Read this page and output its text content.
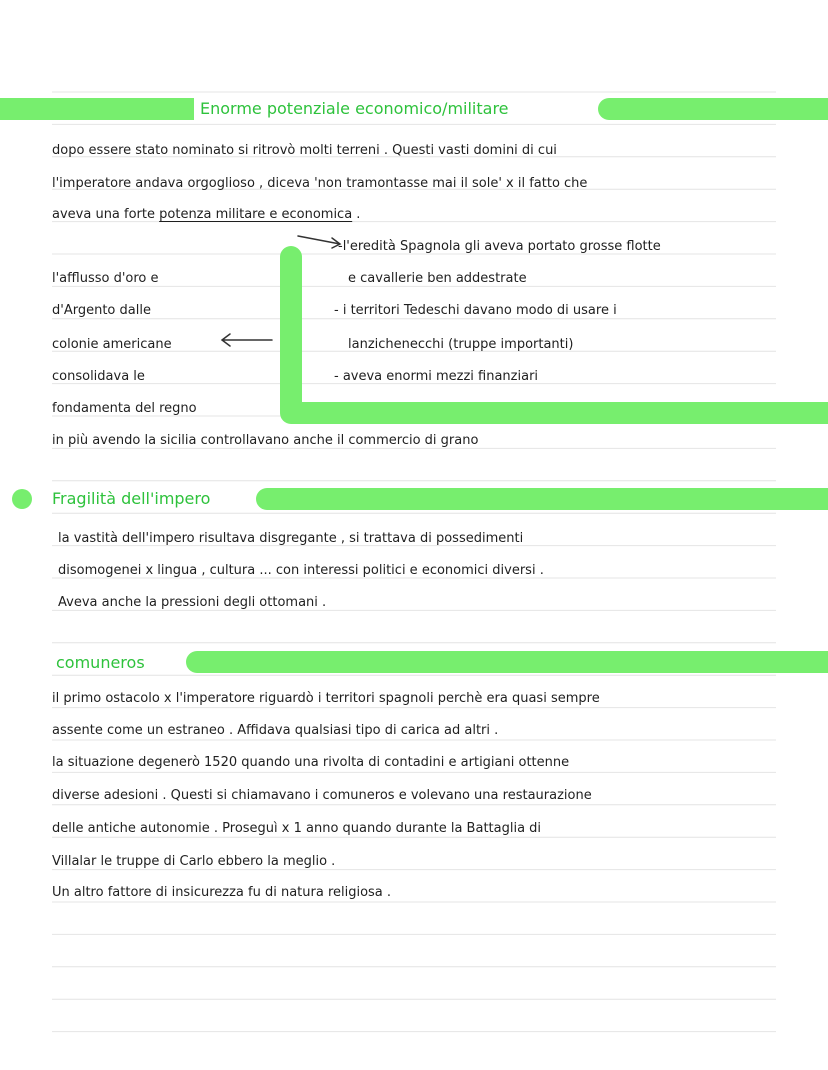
Enorme potenziale economico/militare
dopo essere stato nominato si ritrovò molti terreni . Questi vasti domini di cui
l'imperatore andava orgoglioso , diceva 'non tramontasse mai il sole' x il fatto che
aveva una forte potenza militare e economica .
-l'eredità Spagnola gli aveva portato grosse flotte
e cavallerie ben addestrate
- i territori Tedeschi davano modo di usare i
lanzichenecchi (truppe importanti)
- aveva enormi mezzi finanziari
l'afflusso d'oro e
d'Argento dalle
colonie americane
consolidava le
fondamenta del regno
in più avendo la sicilia controllavano anche il commercio di grano
Fragilità dell'impero
la vastità dell'impero risultava disgregante , si trattava di possedimenti
disomogenei x lingua , cultura ... con interessi politici e economici diversi .
Aveva anche la pressioni degli ottomani .
comuneros
il primo ostacolo x l'imperatore riguardò i territori spagnoli perchè era quasi sempre
assente come un estraneo . Affidava qualsiasi tipo di carica ad altri .
la situazione degenerò 1520 quando una rivolta di contadini e artigiani ottenne
diverse adesioni . Questi si chiamavano i comuneros e volevano una restaurazione
delle antiche autonomie . Proseguì x 1 anno quando durante la Battaglia di
Villalar le truppe di Carlo ebbero la meglio .
Un altro fattore di insicurezza fu di natura religiosa .
